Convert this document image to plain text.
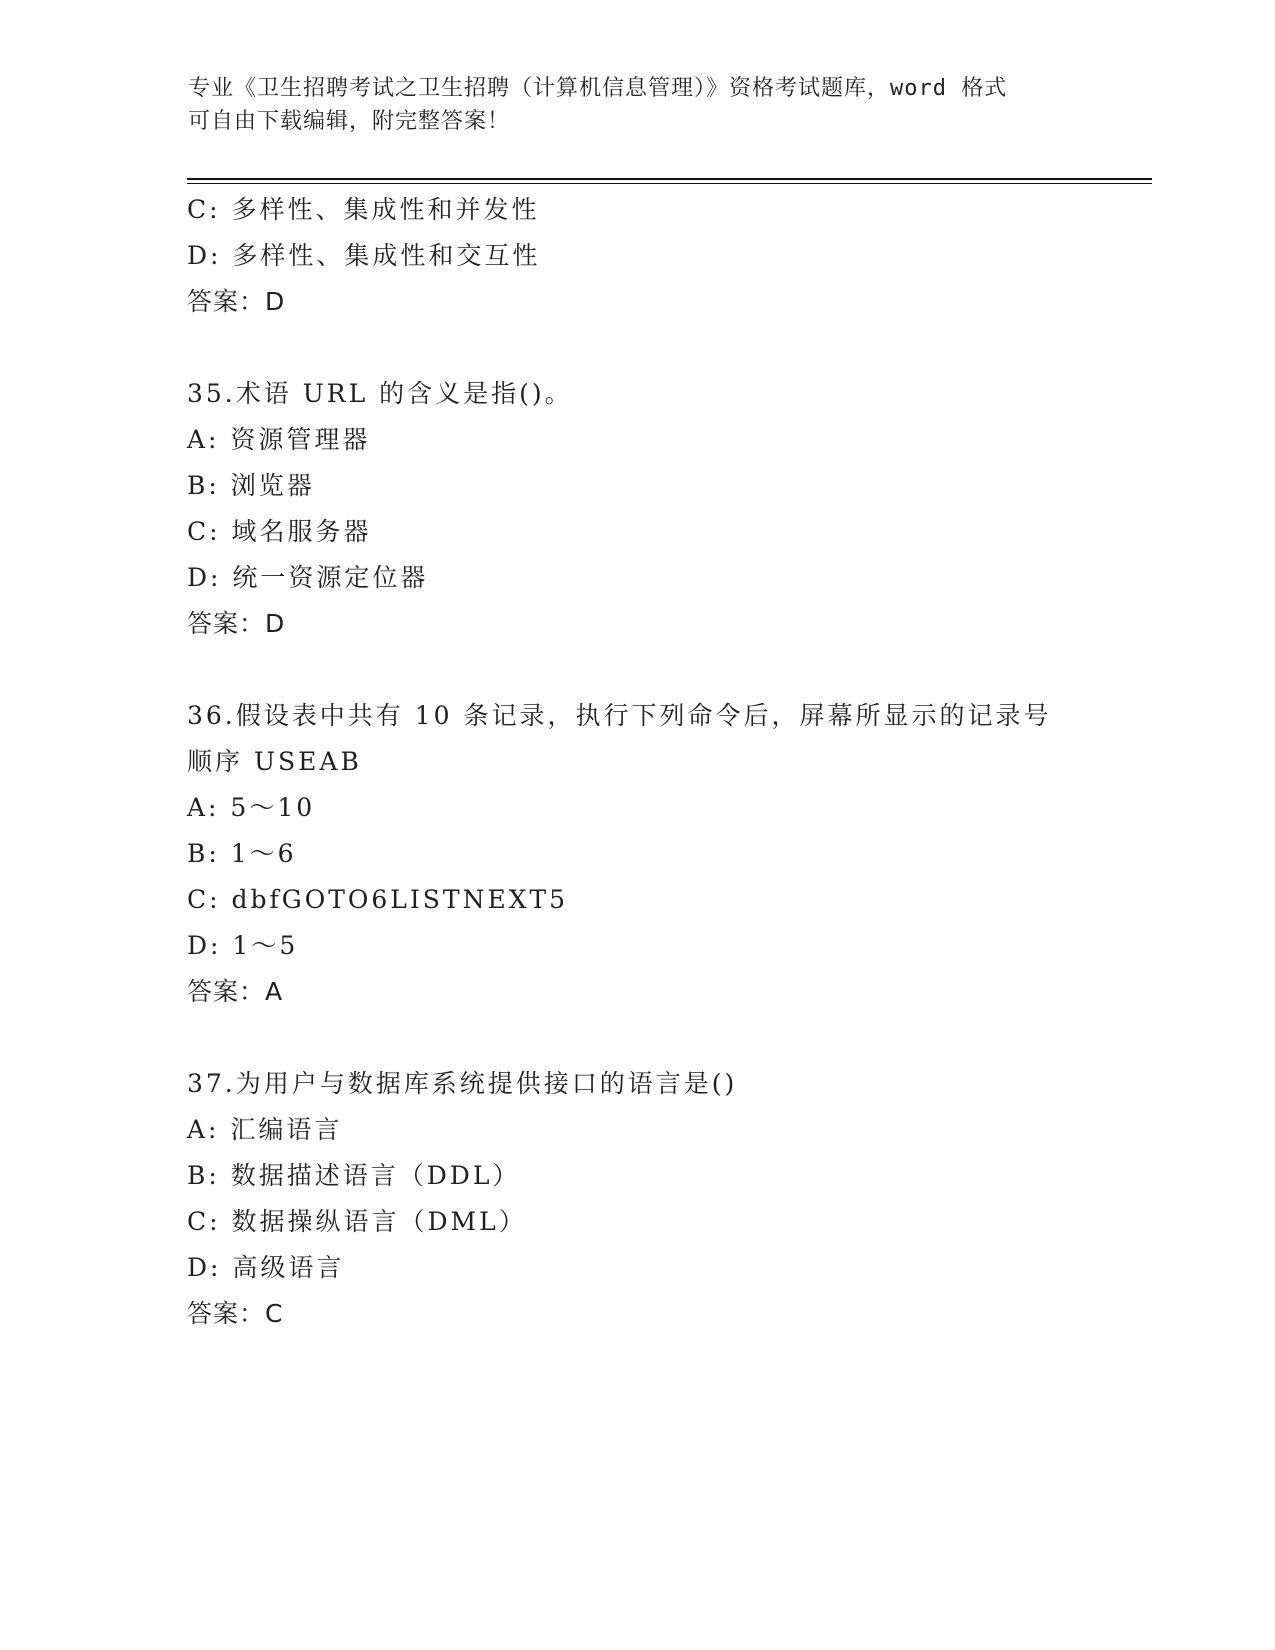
专业《卫生招聘考试之卫生招聘（计算机信息管理）》资格考试题库，word 格式
可自由下载编辑，附完整答案！
C: 多样性、集成性和并发性
D: 多样性、集成性和交互性
答案：D
35.术语 URL 的含义是指()。
A: 资源管理器
B: 浏览器
C: 域名服务器
D: 统一资源定位器
答案：D
36.假设表中共有 10 条记录，执行下列命令后，屏幕所显示的记录号
顺序 USEAB
A: 5～10
B: 1～6
C: dbfGOTO6LISTNEXT5
D: 1～5
答案：A
37.为用户与数据库系统提供接口的语言是()
A: 汇编语言
B: 数据描述语言（DDL）
C: 数据操纵语言（DML）
D: 高级语言
答案：C
